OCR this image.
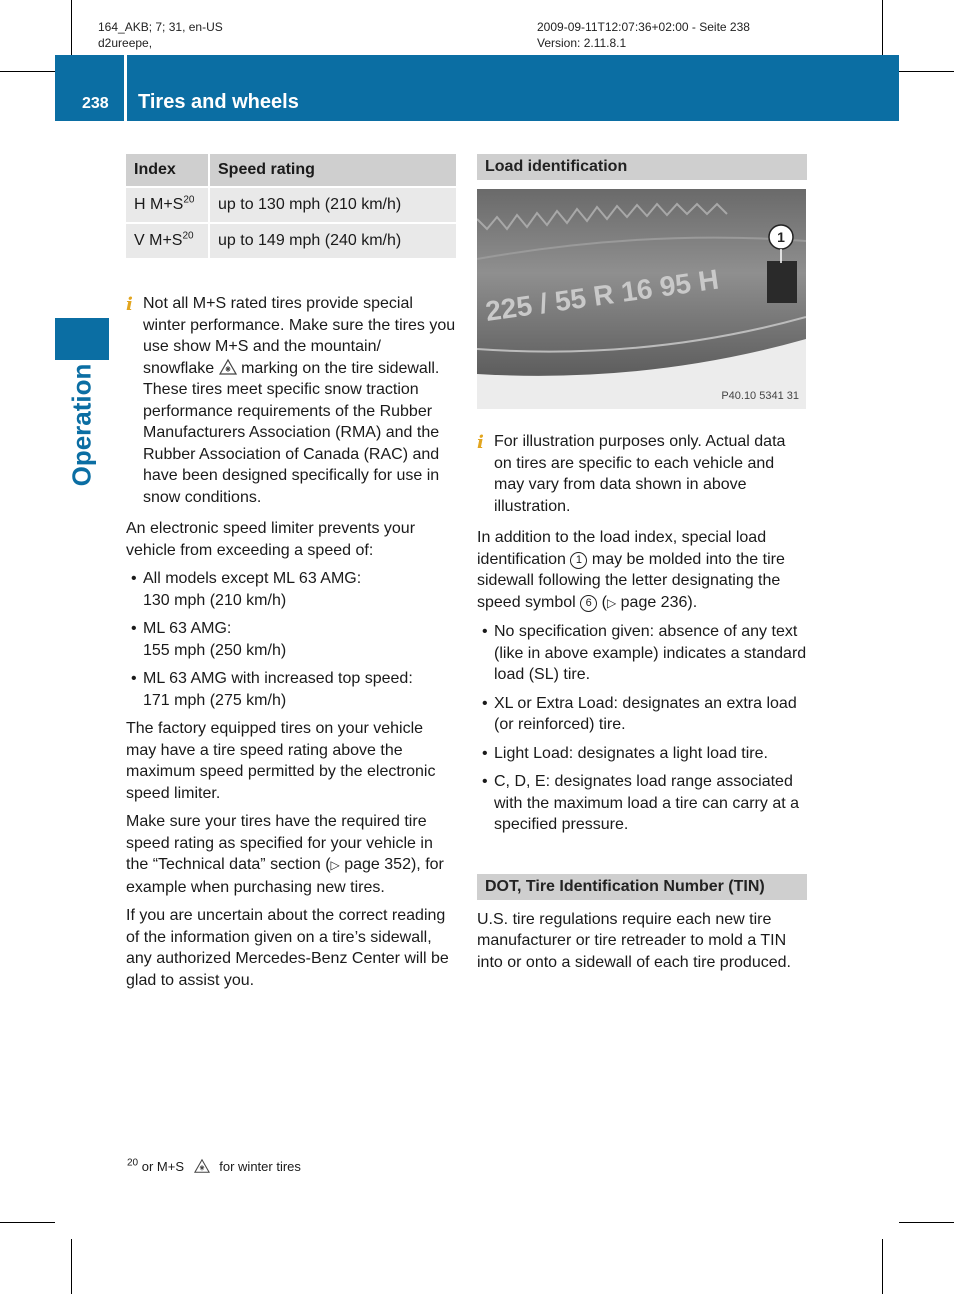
164_AKB; 7; 31, en-US
d2ureepe,
2009-09-11T12:07:36+02:00 - Seite 238
Version: 2.11.8.1
238 Tires and wheels
Operation
Index	Speed rating
H $M+S^{20}$	up to 130 mph (210 km/h)
V $M+S^{20}$	up to 149 mph (240 km/h)
i Not all M+S rated tires provide special winter performance. Make sure the tires you use show M+S and the mountain/ snowflake marking on the tire sidewall. These tires meet specific snow traction performance requirements of the Rubber Manufacturers Association (RMA) and the Rubber Association of Canada (RAC) and have been designed specifically for use in snow conditions.

An electronic speed limiter prevents your vehicle from exceeding a speed of:

• All models except ML 63 AMG:
130 mph (210 km/h)
• ML 63 AMG:
155 mph (250 km/h)
• ML 63 AMG with increased top speed:
171 mph (275 km/h)

The factory equipped tires on your vehicle may have a tire speed rating above the maximum speed permitted by the electronic speed limiter.

Make sure your tires have the required tire speed rating as specified for your vehicle in the “Technical data” section (▷ page 352), for example when purchasing new tires.

If you are uncertain about the correct reading of the information given on a tire’s sidewall, any authorized Mercedes-Benz Center will be glad to assist you.

Load identification
225 / 55 R 16 95 H
1
P40.10 5341 31
i For illustration purposes only. Actual data on tires are specific to each vehicle and may vary from data shown in above illustration.

In addition to the load index, special load identification 1 may be molded into the tire sidewall following the letter designating the speed symbol 6 (▷ page 236).

• No specification given: absence of any text (like in above example) indicates a standard load (SL) tire.
• XL or Extra Load: designates an extra load (or reinforced) tire.
• Light Load: designates a light load tire.
• C, D, E: designates load range associated with the maximum load a tire can carry at a specified pressure.
DOT, Tire Identification Number (TIN)

U.S. tire regulations require each new tire manufacturer or tire retreader to mold a TIN into or onto a sidewall of each tire produced.

$^{20}$ or M+S	for winter tires
